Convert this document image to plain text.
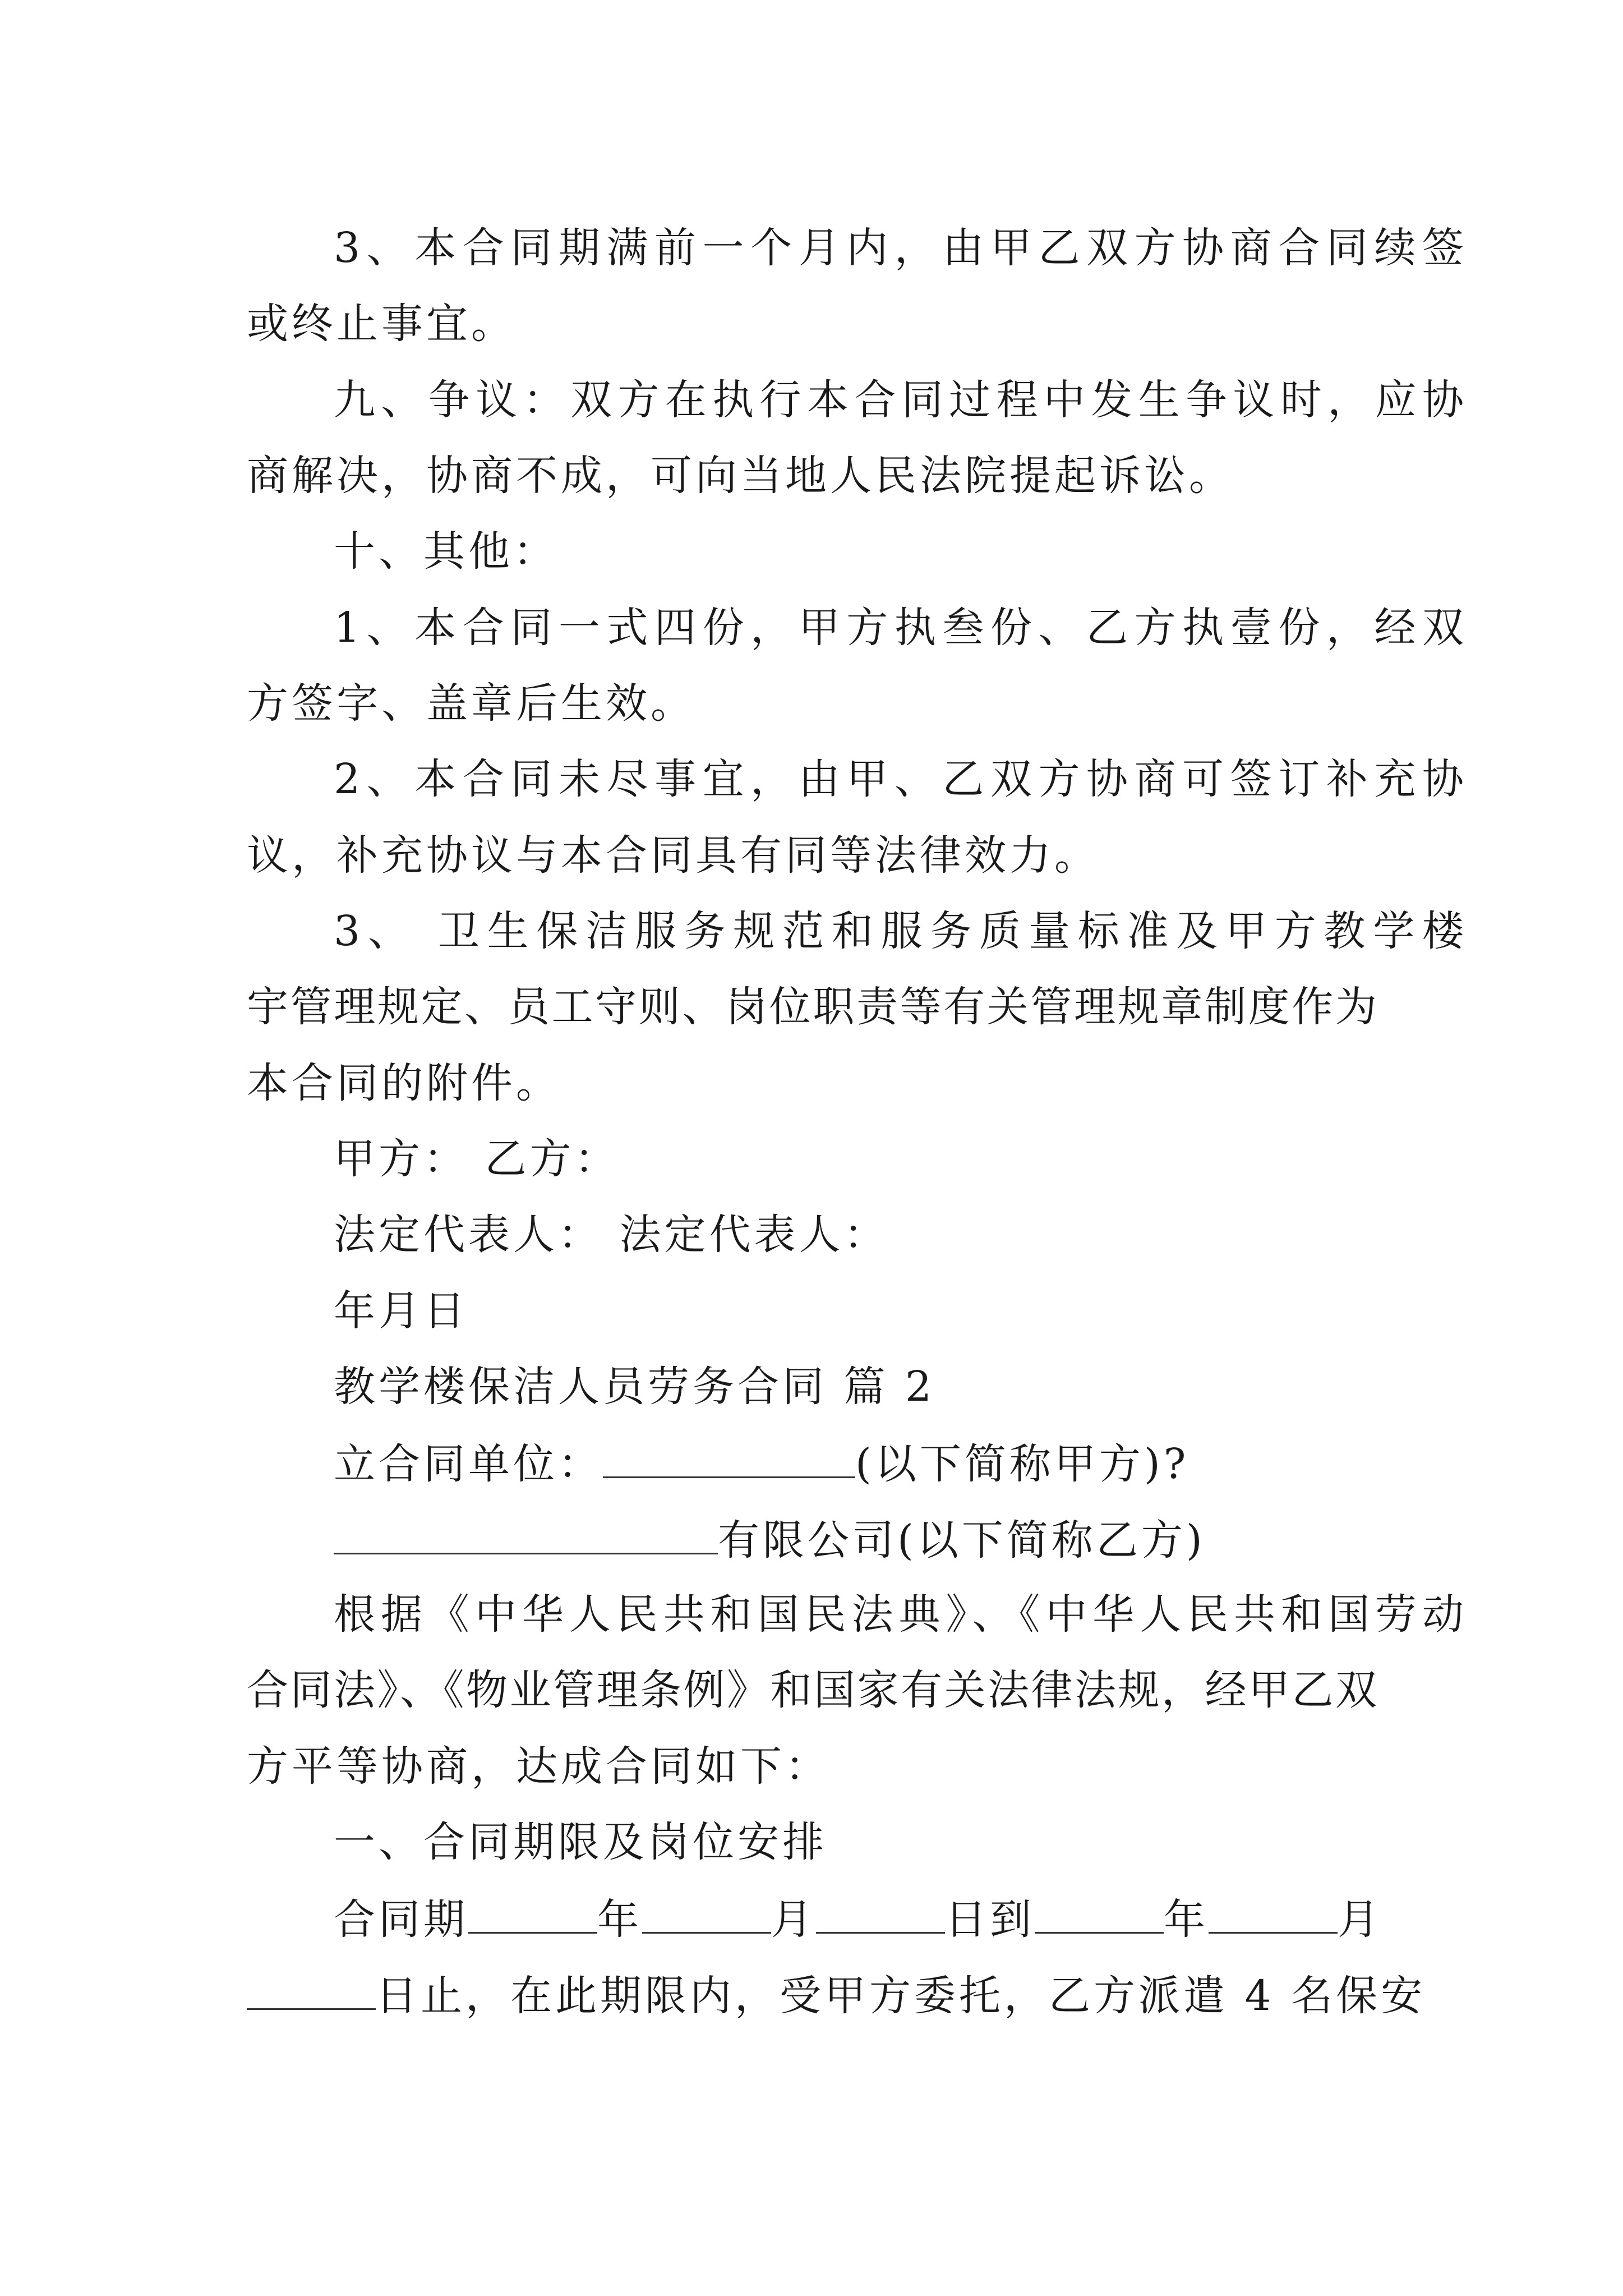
3、本合同期满前一个月内，由甲乙双方协商合同续签
或终止事宜。
九、争议：双方在执行本合同过程中发生争议时，应协
商解决，协商不成，可向当地人民法院提起诉讼。
十、其他：
1、本合同一式四份，甲方执叁份、乙方执壹份，经双
方签字、盖章后生效。
2、本合同未尽事宜，由甲、乙双方协商可签订补充协
议，补充协议与本合同具有同等法律效力。
3、 卫生保洁服务规范和服务质量标准及甲方教学楼
宇管理规定、员工守则、岗位职责等有关管理规章制度作为
本合同的附件。
甲方： 乙方：
法定代表人： 法定代表人：
年月日
教学楼保洁人员劳务合同 篇 2
立合同单位：	(以下简称甲方)?
有限公司(以下简称乙方)
根据《中华人民共和国民法典》、《中华人民共和国劳动
合同法》、《物业管理条例》和国家有关法律法规，经甲乙双
方平等协商，达成合同如下：
一、合同期限及岗位安排
合同期	年	月	日到	年	月
日止，在此期限内，受甲方委托，乙方派遣 4 名保安
